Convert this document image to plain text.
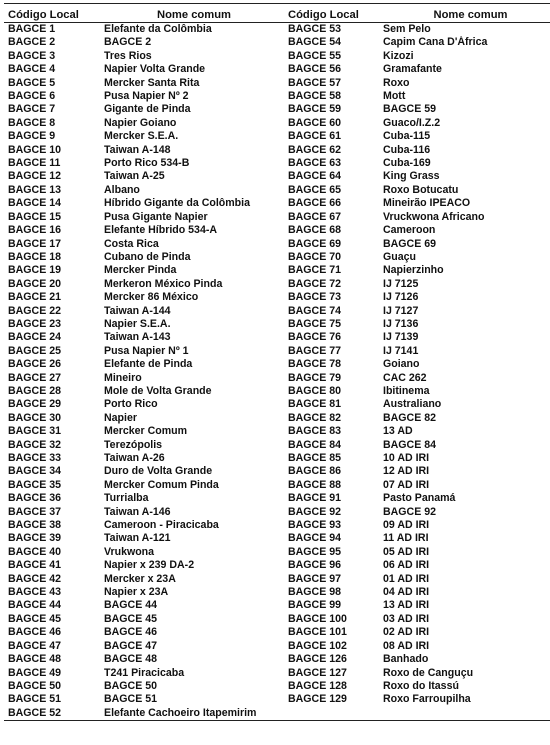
Código Local	Nome comum	Código Local	Nome comum
BAGCE 1	Elefante da Colômbia	BAGCE 53	Sem Pelo
BAGCE 2	BAGCE 2	BAGCE 54	Capim Cana D'África
BAGCE 3	Tres Rios	BAGCE 55	Kizozi
BAGCE 4	Napier Volta Grande	BAGCE 56	Gramafante
BAGCE 5	Mercker Santa Rita	BAGCE 57	Roxo
BAGCE 6	Pusa Napier Nº 2	BAGCE 58	Mott
BAGCE 7	Gigante de Pinda	BAGCE 59	BAGCE 59
BAGCE 8	Napier Goiano	BAGCE 60	Guaco/I.Z.2
BAGCE 9	Mercker S.E.A.	BAGCE 61	Cuba-115
BAGCE 10	Taiwan A-148	BAGCE 62	Cuba-116
BAGCE 11	Porto Rico 534-B	BAGCE 63	Cuba-169
BAGCE 12	Taiwan A-25	BAGCE 64	King Grass
BAGCE 13	Albano	BAGCE 65	Roxo Botucatu
BAGCE 14	Híbrido Gigante da Colômbia	BAGCE 66	Mineirão IPEACO
BAGCE 15	Pusa Gigante Napier	BAGCE 67	Vruckwona Africano
BAGCE 16	Elefante Híbrido 534-A	BAGCE 68	Cameroon
BAGCE 17	Costa Rica	BAGCE 69	BAGCE 69
BAGCE 18	Cubano de Pinda	BAGCE 70	Guaçu
BAGCE 19	Mercker Pinda	BAGCE 71	Napierzinho
BAGCE 20	Merkeron México Pinda	BAGCE 72	IJ 7125
BAGCE 21	Mercker 86 México	BAGCE 73	IJ 7126
BAGCE 22	Taiwan A-144	BAGCE 74	IJ 7127
BAGCE 23	Napier S.E.A.	BAGCE 75	IJ 7136
BAGCE 24	Taiwan A-143	BAGCE 76	IJ 7139
BAGCE 25	Pusa Napier Nº 1	BAGCE 77	IJ 7141
BAGCE 26	Elefante de Pinda	BAGCE 78	Goiano
BAGCE 27	Mineiro	BAGCE 79	CAC 262
BAGCE 28	Mole de Volta Grande	BAGCE 80	Ibitinema
BAGCE 29	Porto Rico	BAGCE 81	Australiano
BAGCE 30	Napier	BAGCE 82	BAGCE 82
BAGCE 31	Mercker Comum	BAGCE 83	13 AD
BAGCE 32	Terezópolis	BAGCE 84	BAGCE 84
BAGCE 33	Taiwan A-26	BAGCE 85	10 AD IRI
BAGCE 34	Duro de Volta Grande	BAGCE 86	12 AD IRI
BAGCE 35	Mercker Comum Pinda	BAGCE 88	07 AD IRI
BAGCE 36	Turrialba	BAGCE 91	Pasto Panamá
BAGCE 37	Taiwan A-146	BAGCE 92	BAGCE 92
BAGCE 38	Cameroon - Piracicaba	BAGCE 93	09 AD IRI
BAGCE 39	Taiwan A-121	BAGCE 94	11 AD IRI
BAGCE 40	Vrukwona	BAGCE 95	05 AD IRI
BAGCE 41	Napier x 239 DA-2	BAGCE 96	06 AD IRI
BAGCE 42	Mercker x 23A	BAGCE 97	01 AD IRI
BAGCE 43	Napier x 23A	BAGCE 98	04 AD IRI
BAGCE 44	BAGCE 44	BAGCE 99	13 AD IRI
BAGCE 45	BAGCE 45	BAGCE 100	03 AD IRI
BAGCE 46	BAGCE 46	BAGCE 101	02 AD IRI
BAGCE 47	BAGCE 47	BAGCE 102	08 AD IRI
BAGCE 48	BAGCE 48	BAGCE 126	Banhado
BAGCE 49	T241 Piracicaba	BAGCE 127	Roxo de Canguçu
BAGCE 50	BAGCE 50	BAGCE 128	Roxo do Itassú
BAGCE 51	BAGCE 51	BAGCE 129	Roxo Farroupilha
BAGCE 52	Elefante Cachoeiro Itapemirim		
